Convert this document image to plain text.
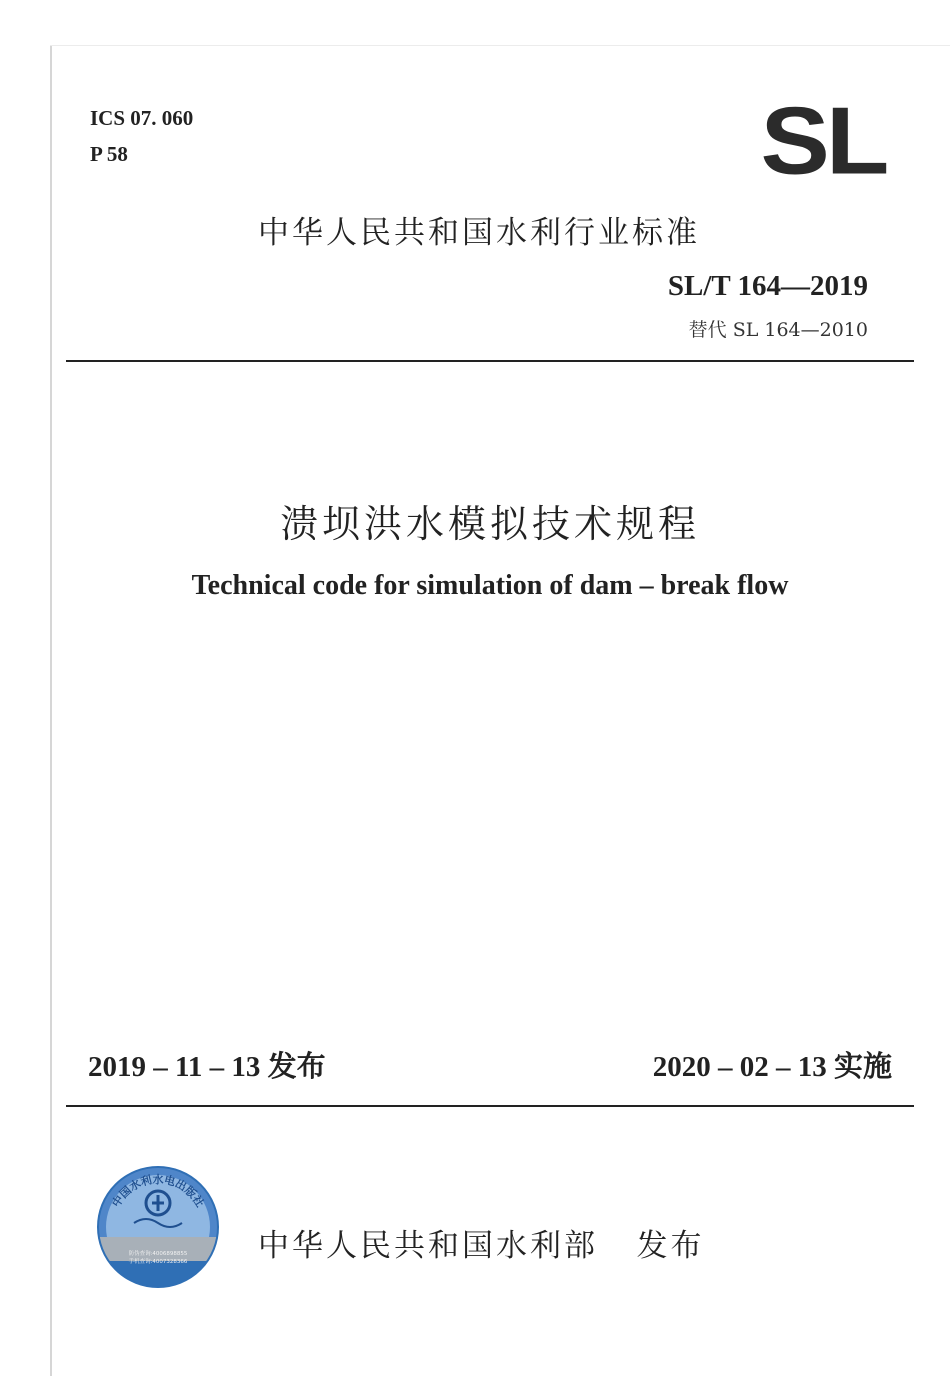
ICS 07. 060
P 58	SL
中华人民共和国水利行业标准
SL/T 164—2019
替代 SL 164—2010
溃坝洪水模拟技术规程
Technical code for simulation of dam – break flow
2019 – 11 – 13 发布	2020 – 02 – 13 实施
中国水利水电出版社
防伪查询:4006898855
手机查询:4007328366 中华人民共和国水利部   发布
